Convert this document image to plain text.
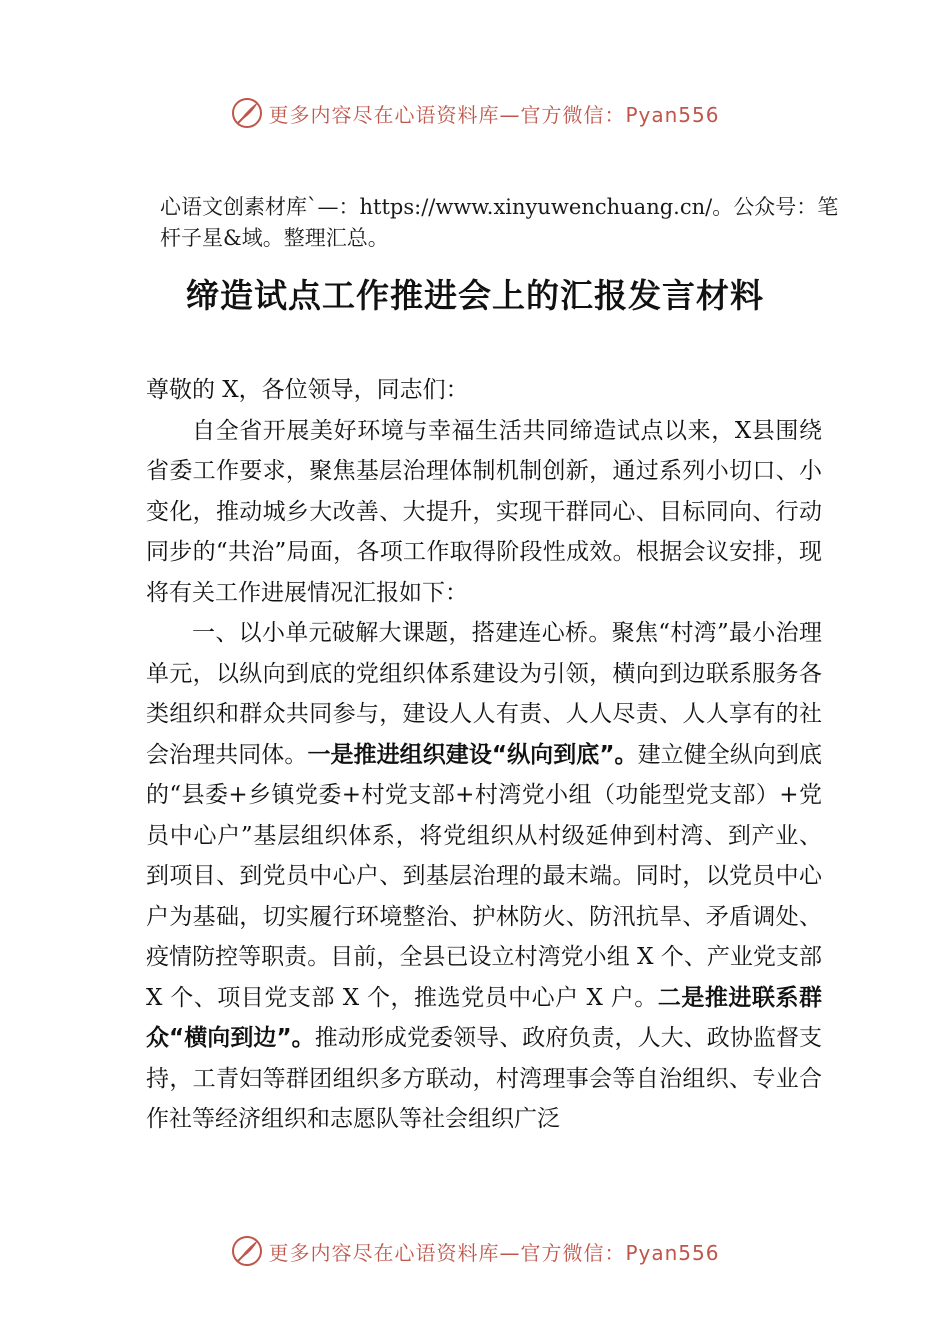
更多内容尽在心语资料库—官方微信：Pyan556
心语文创素材库`—：https://www.xinyuwenchuang.cn/。公众号：笔杆子星&域。整理汇总。
缔造试点工作推进会上的汇报发言材料

尊敬的 X，各位领导，同志们：

自全省开展美好环境与幸福生活共同缔造试点以来，X县围绕省委工作要求，聚焦基层治理体制机制创新，通过系列小切口、小变化，推动城乡大改善、大提升，实现干群同心、目标同向、行动同步的“共治”局面，各项工作取得阶段性成效。根据会议安排，现将有关工作进展情况汇报如下：

一、以小单元破解大课题，搭建连心桥。聚焦“村湾”最小治理单元，以纵向到底的党组织体系建设为引领，横向到边联系服务各类组织和群众共同参与，建设人人有责、人人尽责、人人享有的社会治理共同体。一是推进组织建设“纵向到底”。建立健全纵向到底的“县委+乡镇党委+村党支部+村湾党小组（功能型党支部）+党员中心户”基层组织体系，将党组织从村级延伸到村湾、到产业、到项目、到党员中心户、到基层治理的最末端。同时，以党员中心户为基础，切实履行环境整治、护林防火、防汛抗旱、矛盾调处、疫情防控等职责。目前，全县已设立村湾党小组 X 个、产业党支部 X 个、项目党支部 X 个，推选党员中心户 X 户。二是推进联系群众“横向到边”。推动形成党委领导、政府负责，人大、政协监督支持，工青妇等群团组织多方联动，村湾理事会等自治组织、专业合作社等经济组织和志愿队等社会组织广泛

更多内容尽在心语资料库—官方微信：Pyan556
